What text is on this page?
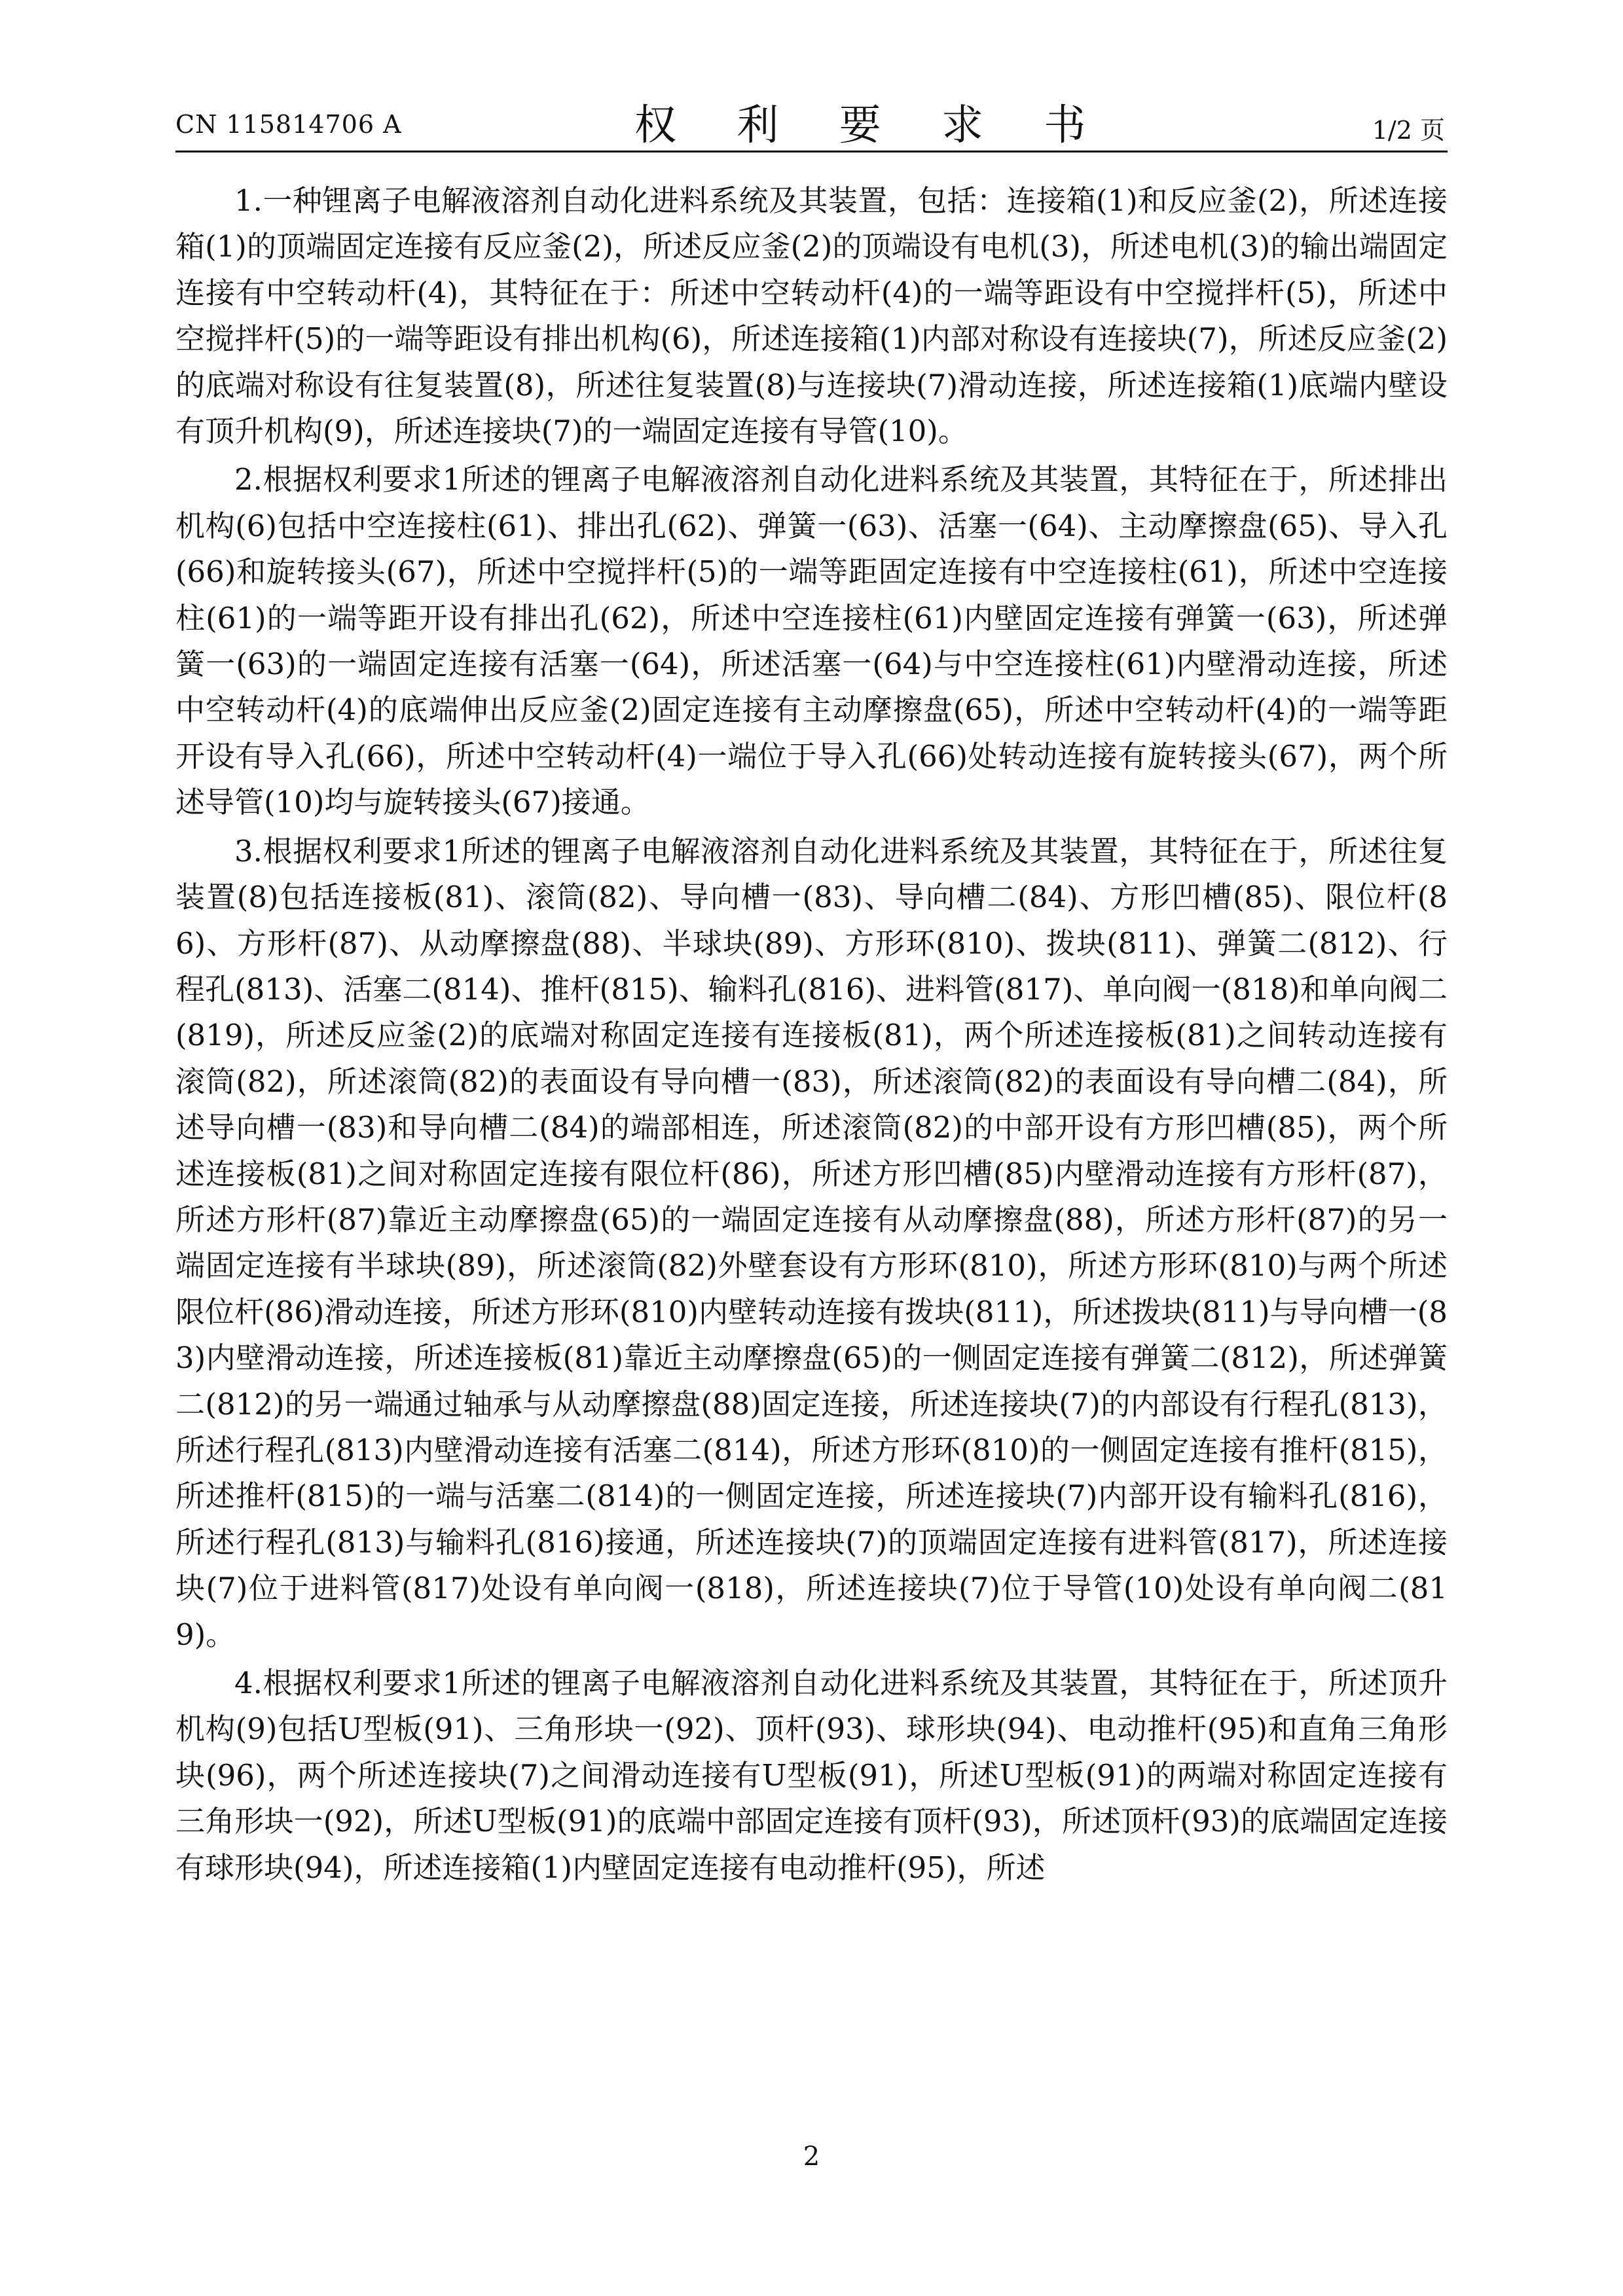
CN 115814706 A	权 利 要 求 书	1/2 页

1.一种锂离子电解液溶剂自动化进料系统及其装置，包括：连接箱(1)和反应釜(2)，所述连接箱(1)的顶端固定连接有反应釜(2)，所述反应釜(2)的顶端设有电机(3)，所述电机(3)的输出端固定连接有中空转动杆(4)，其特征在于：所述中空转动杆(4)的一端等距设有中空搅拌杆(5)，所述中空搅拌杆(5)的一端等距设有排出机构(6)，所述连接箱(1)内部对称设有连接块(7)，所述反应釜(2)的底端对称设有往复装置(8)，所述往复装置(8)与连接块(7)滑动连接，所述连接箱(1)底端内壁设有顶升机构(9)，所述连接块(7)的一端固定连接有导管(10)。

2.根据权利要求1所述的锂离子电解液溶剂自动化进料系统及其装置，其特征在于，所述排出机构(6)包括中空连接柱(61)、排出孔(62)、弹簧一(63)、活塞一(64)、主动摩擦盘(65)、导入孔(66)和旋转接头(67)，所述中空搅拌杆(5)的一端等距固定连接有中空连接柱(61)，所述中空连接柱(61)的一端等距开设有排出孔(62)，所述中空连接柱(61)内壁固定连接有弹簧一(63)，所述弹簧一(63)的一端固定连接有活塞一(64)，所述活塞一(64)与中空连接柱(61)内壁滑动连接，所述中空转动杆(4)的底端伸出反应釜(2)固定连接有主动摩擦盘(65)，所述中空转动杆(4)的一端等距开设有导入孔(66)，所述中空转动杆(4)一端位于导入孔(66)处转动连接有旋转接头(67)，两个所述导管(10)均与旋转接头(67)接通。

3.根据权利要求1所述的锂离子电解液溶剂自动化进料系统及其装置，其特征在于，所述往复装置(8)包括连接板(81)、滚筒(82)、导向槽一(83)、导向槽二(84)、方形凹槽(85)、限位杆(86)、方形杆(87)、从动摩擦盘(88)、半球块(89)、方形环(810)、拨块(811)、弹簧二(812)、行程孔(813)、活塞二(814)、推杆(815)、输料孔(816)、进料管(817)、单向阀一(818)和单向阀二(819)，所述反应釜(2)的底端对称固定连接有连接板(81)，两个所述连接板(81)之间转动连接有滚筒(82)，所述滚筒(82)的表面设有导向槽一(83)，所述滚筒(82)的表面设有导向槽二(84)，所述导向槽一(83)和导向槽二(84)的端部相连，所述滚筒(82)的中部开设有方形凹槽(85)，两个所述连接板(81)之间对称固定连接有限位杆(86)，所述方形凹槽(85)内壁滑动连接有方形杆(87)，所述方形杆(87)靠近主动摩擦盘(65)的一端固定连接有从动摩擦盘(88)，所述方形杆(87)的另一端固定连接有半球块(89)，所述滚筒(82)外壁套设有方形环(810)，所述方形环(810)与两个所述限位杆(86)滑动连接，所述方形环(810)内壁转动连接有拨块(811)，所述拨块(811)与导向槽一(83)内壁滑动连接，所述连接板(81)靠近主动摩擦盘(65)的一侧固定连接有弹簧二(812)，所述弹簧二(812)的另一端通过轴承与从动摩擦盘(88)固定连接，所述连接块(7)的内部设有行程孔(813)，所述行程孔(813)内壁滑动连接有活塞二(814)，所述方形环(810)的一侧固定连接有推杆(815)，所述推杆(815)的一端与活塞二(814)的一侧固定连接，所述连接块(7)内部开设有输料孔(816)，所述行程孔(813)与输料孔(816)接通，所述连接块(7)的顶端固定连接有进料管(817)，所述连接块(7)位于进料管(817)处设有单向阀一(818)，所述连接块(7)位于导管(10)处设有单向阀二(819)。

4.根据权利要求1所述的锂离子电解液溶剂自动化进料系统及其装置，其特征在于，所述顶升机构(9)包括U型板(91)、三角形块一(92)、顶杆(93)、球形块(94)、电动推杆(95)和直角三角形块(96)，两个所述连接块(7)之间滑动连接有U型板(91)，所述U型板(91)的两端对称固定连接有三角形块一(92)，所述U型板(91)的底端中部固定连接有顶杆(93)，所述顶杆(93)的底端固定连接有球形块(94)，所述连接箱(1)内壁固定连接有电动推杆(95)，所述

2
